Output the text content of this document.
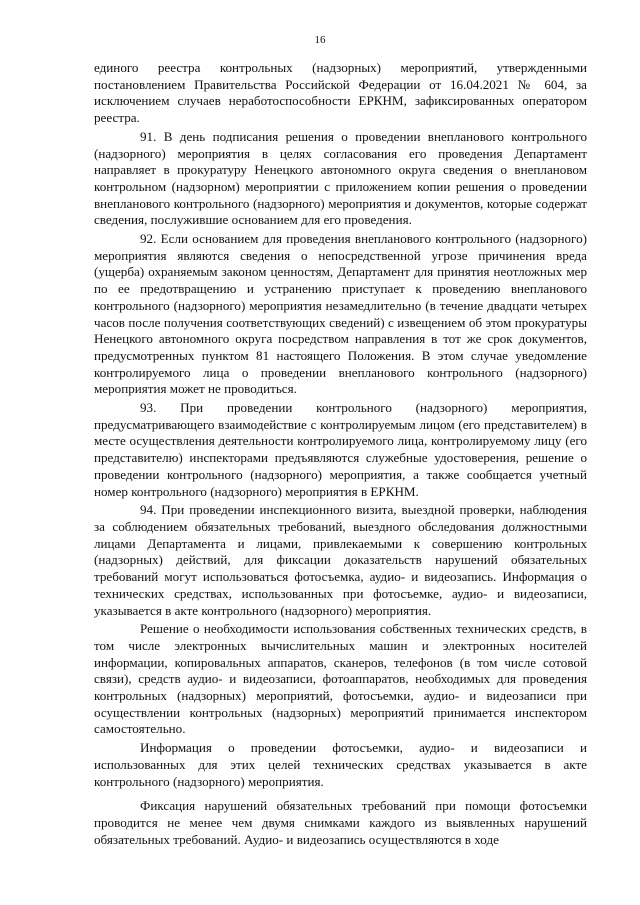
16

единого реестра контрольных (надзорных) мероприятий, утвержденными постановлением Правительства Российской Федерации от 16.04.2021 № 604, за исключением случаев неработоспособности ЕРКНМ, зафиксированных оператором реестра.

91. В день подписания решения о проведении внепланового контрольного (надзорного) мероприятия в целях согласования его проведения Департамент направляет в прокуратуру Ненецкого автономного округа сведения о внеплановом контрольном (надзорном) мероприятии с приложением копии решения о проведении внепланового контрольного (надзорного) мероприятия и документов, которые содержат сведения, послужившие основанием для его проведения.

92. Если основанием для проведения внепланового контрольного (надзорного) мероприятия являются сведения о непосредственной угрозе причинения вреда (ущерба) охраняемым законом ценностям, Департамент для принятия неотложных мер по ее предотвращению и устранению приступает к проведению внепланового контрольного (надзорного) мероприятия незамедлительно (в течение двадцати четырех часов после получения соответствующих сведений) с извещением об этом прокуратуры Ненецкого автономного округа посредством направления в тот же срок документов, предусмотренных пунктом 81 настоящего Положения. В этом случае уведомление контролируемого лица о проведении внепланового контрольного (надзорного) мероприятия может не проводиться.

93. При проведении контрольного (надзорного) мероприятия, предусматривающего взаимодействие с контролируемым лицом (его представителем) в месте осуществления деятельности контролируемого лица, контролируемому лицу (его представителю) инспекторами предъявляются служебные удостоверения, решение о проведении контрольного (надзорного) мероприятия, а также сообщается учетный номер контрольного (надзорного) мероприятия в ЕРКНМ.

94. При проведении инспекционного визита, выездной проверки, наблюдения за соблюдением обязательных требований, выездного обследования должностными лицами Департамента и лицами, привлекаемыми к совершению контрольных (надзорных) действий, для фиксации доказательств нарушений обязательных требований могут использоваться фотосъемка, аудио- и видеозапись. Информация о технических средствах, использованных при фотосъемке, аудио- и видеозаписи, указывается в акте контрольного (надзорного) мероприятия.

Решение о необходимости использования собственных технических средств, в том числе электронных вычислительных машин и электронных носителей информации, копировальных аппаратов, сканеров, телефонов (в том числе сотовой связи), средств аудио- и видеозаписи, фотоаппаратов, необходимых для проведения контрольных (надзорных) мероприятий, фотосъемки, аудио- и видеозаписи при осуществлении контрольных (надзорных) мероприятий принимается инспектором самостоятельно.

Информация о проведении фотосъемки, аудио- и видеозаписи и использованных для этих целей технических средствах указывается в акте контрольного (надзорного) мероприятия.

Фиксация нарушений обязательных требований при помощи фотосъемки проводится не менее чем двумя снимками каждого из выявленных нарушений обязательных требований. Аудио- и видеозапись осуществляются в ходе
